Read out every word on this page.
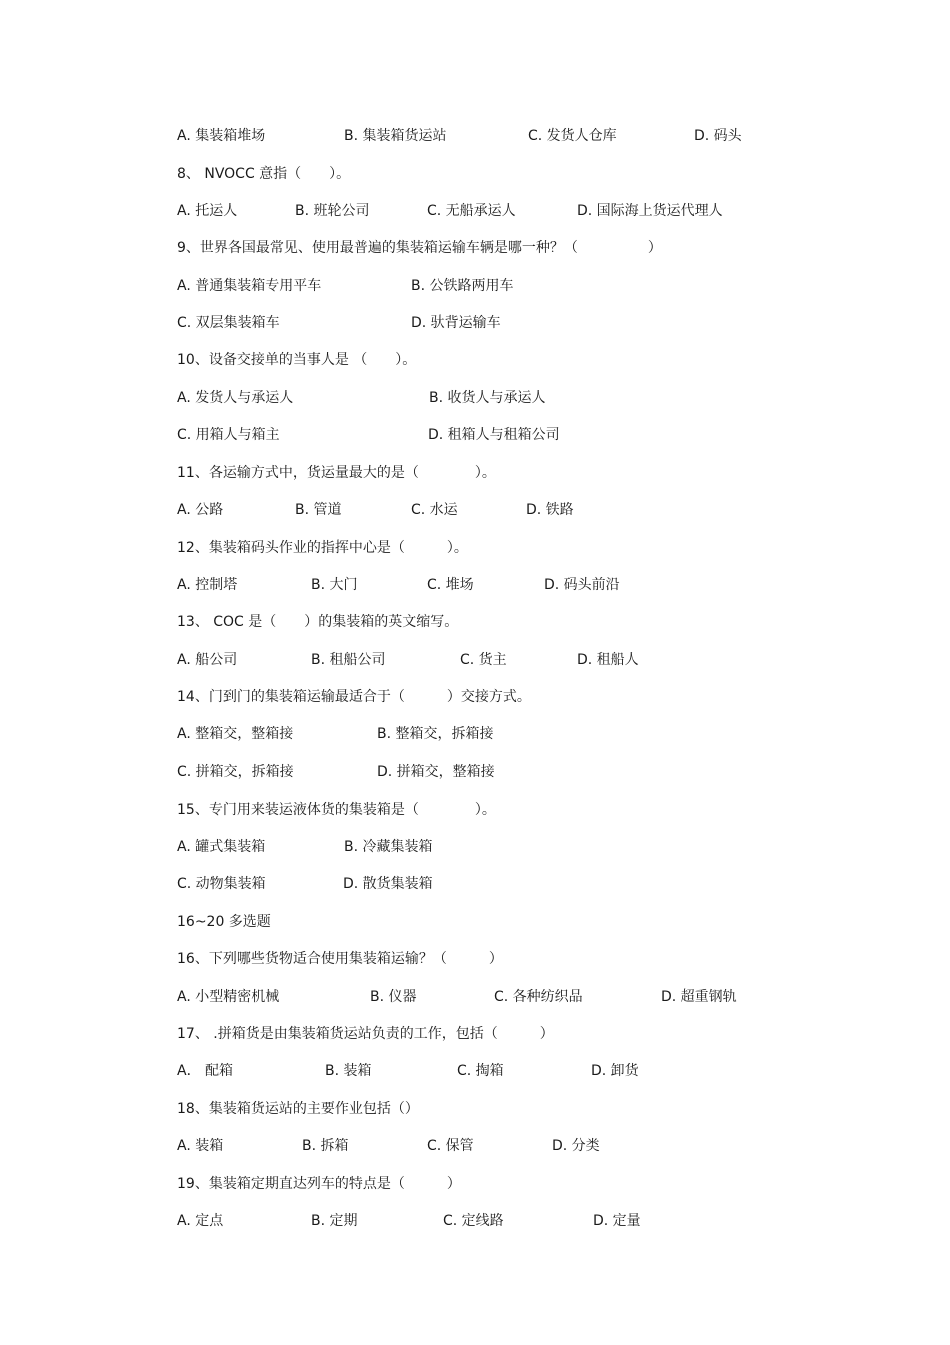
A. 集装箱堆场	B. 集装箱货运站	C. 发货人仓库	D. 码头
8、 NVOCC 意指（　　）。
A. 托运人	B. 班轮公司	C. 无船承运人	D. 国际海上货运代理人
9、世界各国最常见、使用最普遍的集装箱运输车辆是哪一种？（　　　　　）
A. 普通集装箱专用平车	B. 公铁路两用车
C. 双层集装箱车	D. 驮背运输车
10、设备交接单的当事人是 （　　）。
A. 发货人与承运人	B. 收货人与承运人
C. 用箱人与箱主	D. 租箱人与租箱公司
11、各运输方式中，货运量最大的是（　　　　）。
A. 公路	B. 管道	C. 水运	D. 铁路
12、集装箱码头作业的指挥中心是（　　　）。
A. 控制塔	B. 大门	C. 堆场	D. 码头前沿
13、 COC 是（　　）的集装箱的英文缩写。
A. 船公司	B. 租船公司	C. 货主	D. 租船人
14、门到门的集装箱运输最适合于（　　　）交接方式。
A. 整箱交，整箱接	B. 整箱交，拆箱接
C. 拼箱交，拆箱接	D. 拼箱交，整箱接
15、专门用来装运液体货的集装箱是（　　　　）。
A. 罐式集装箱	B. 冷藏集装箱
C. 动物集装箱	D. 散货集装箱
16~20 多选题
16、下列哪些货物适合使用集装箱运输？（　　　）
A. 小型精密机械	B. 仪器	C. 各种纺织品	D. 超重钢轨
17、 .拼箱货是由集装箱货运站负责的工作，包括（　　　）
A． 配箱	B. 装箱	C. 掏箱	D. 卸货
18、集装箱货运站的主要作业包括（）
A. 装箱	B. 拆箱	C. 保管	D. 分类
19、集装箱定期直达列车的特点是（　　　）
A. 定点	B. 定期	C. 定线路	D. 定量
